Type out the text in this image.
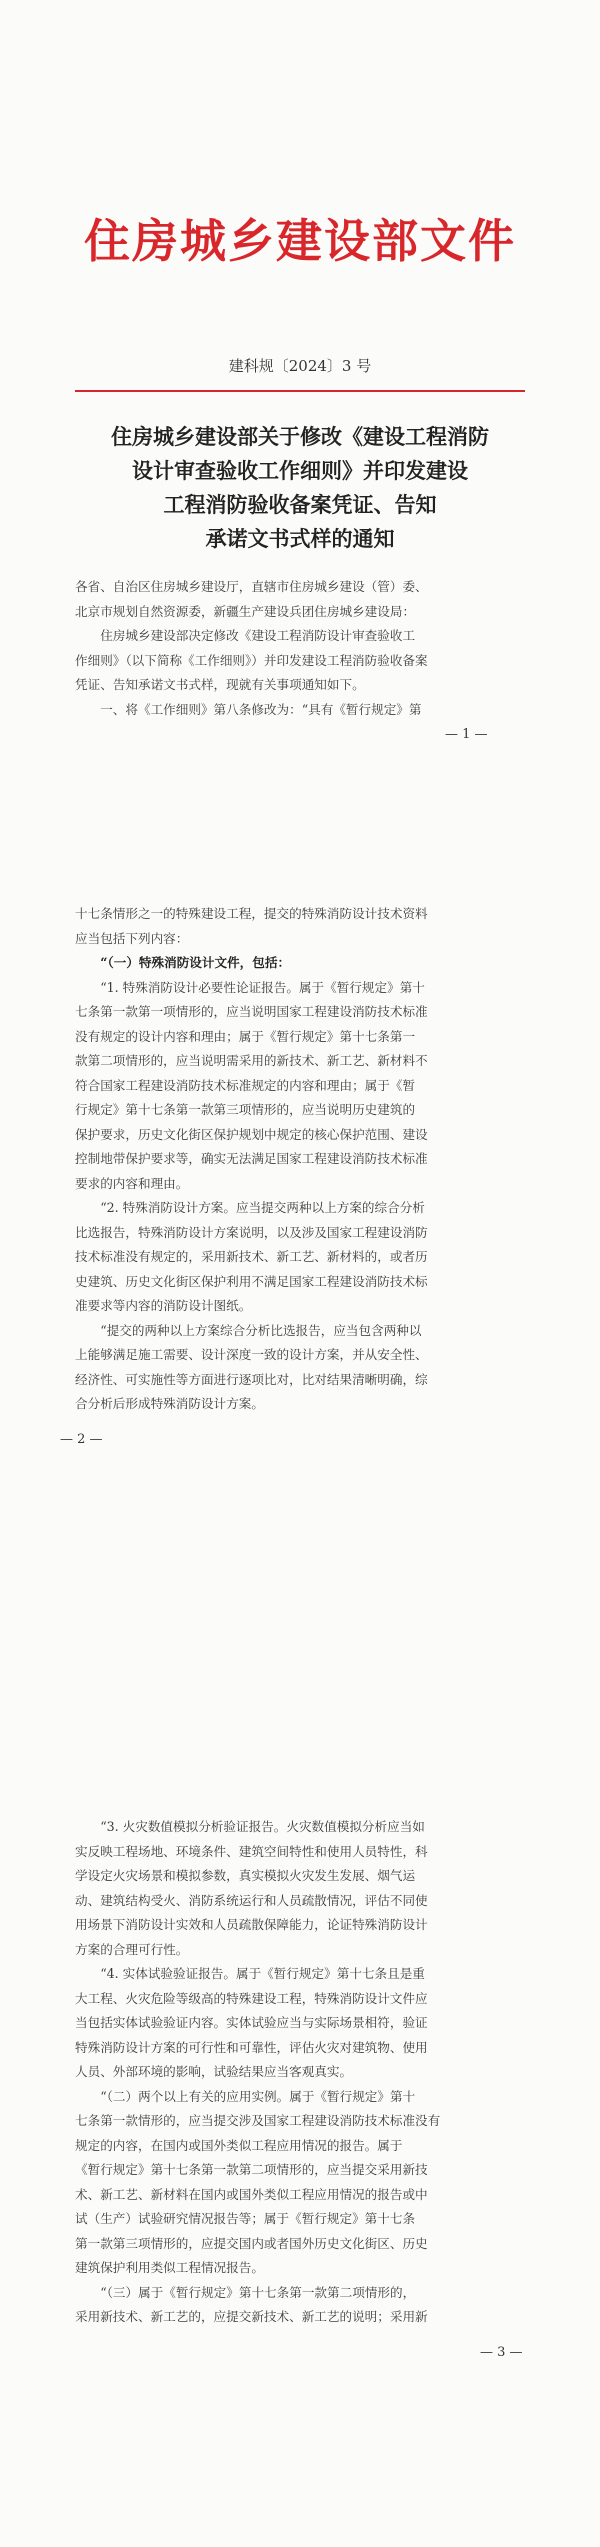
住房城乡建设部文件
建科规〔2024〕3 号
住房城乡建设部关于修改《建设工程消防
设计审查验收工作细则》并印发建设
工程消防验收备案凭证、告知
承诺文书式样的通知
各省、自治区住房城乡建设厅，直辖市住房城乡建设（管）委、
北京市规划自然资源委，新疆生产建设兵团住房城乡建设局：
　　住房城乡建设部决定修改《建设工程消防设计审查验收工
作细则》（以下简称《工作细则》）并印发建设工程消防验收备案
凭证、告知承诺文书式样，现就有关事项通知如下。
　　一、将《工作细则》第八条修改为：“具有《暂行规定》第
— 1 —
十七条情形之一的特殊建设工程，提交的特殊消防设计技术资料
应当包括下列内容：
　　“（一）特殊消防设计文件，包括：
　　“1. 特殊消防设计必要性论证报告。属于《暂行规定》第十
七条第一款第一项情形的，应当说明国家工程建设消防技术标准
没有规定的设计内容和理由；属于《暂行规定》第十七条第一
款第二项情形的，应当说明需采用的新技术、新工艺、新材料不
符合国家工程建设消防技术标准规定的内容和理由；属于《暂
行规定》第十七条第一款第三项情形的，应当说明历史建筑的
保护要求，历史文化街区保护规划中规定的核心保护范围、建设
控制地带保护要求等，确实无法满足国家工程建设消防技术标准
要求的内容和理由。
　　“2. 特殊消防设计方案。应当提交两种以上方案的综合分析
比选报告，特殊消防设计方案说明，以及涉及国家工程建设消防
技术标准没有规定的，采用新技术、新工艺、新材料的，或者历
史建筑、历史文化街区保护利用不满足国家工程建设消防技术标
准要求等内容的消防设计图纸。
　　“提交的两种以上方案综合分析比选报告，应当包含两种以
上能够满足施工需要、设计深度一致的设计方案，并从安全性、
经济性、可实施性等方面进行逐项比对，比对结果清晰明确，综
合分析后形成特殊消防设计方案。
— 2 —
　　“3. 火灾数值模拟分析验证报告。火灾数值模拟分析应当如
实反映工程场地、环境条件、建筑空间特性和使用人员特性，科
学设定火灾场景和模拟参数，真实模拟火灾发生发展、烟气运
动、建筑结构受火、消防系统运行和人员疏散情况，评估不同使
用场景下消防设计实效和人员疏散保障能力，论证特殊消防设计
方案的合理可行性。
　　“4. 实体试验验证报告。属于《暂行规定》第十七条且是重
大工程、火灾危险等级高的特殊建设工程，特殊消防设计文件应
当包括实体试验验证内容。实体试验应当与实际场景相符，验证
特殊消防设计方案的可行性和可靠性，评估火灾对建筑物、使用
人员、外部环境的影响，试验结果应当客观真实。
　　“（二）两个以上有关的应用实例。属于《暂行规定》第十
七条第一款情形的，应当提交涉及国家工程建设消防技术标准没有
规定的内容，在国内或国外类似工程应用情况的报告。属于
《暂行规定》第十七条第一款第二项情形的，应当提交采用新技
术、新工艺、新材料在国内或国外类似工程应用情况的报告或中
试（生产）试验研究情况报告等；属于《暂行规定》第十七条
第一款第三项情形的，应提交国内或者国外历史文化街区、历史
建筑保护利用类似工程情况报告。
　　“（三）属于《暂行规定》第十七条第一款第二项情形的，
采用新技术、新工艺的，应提交新技术、新工艺的说明；采用新
— 3 —
